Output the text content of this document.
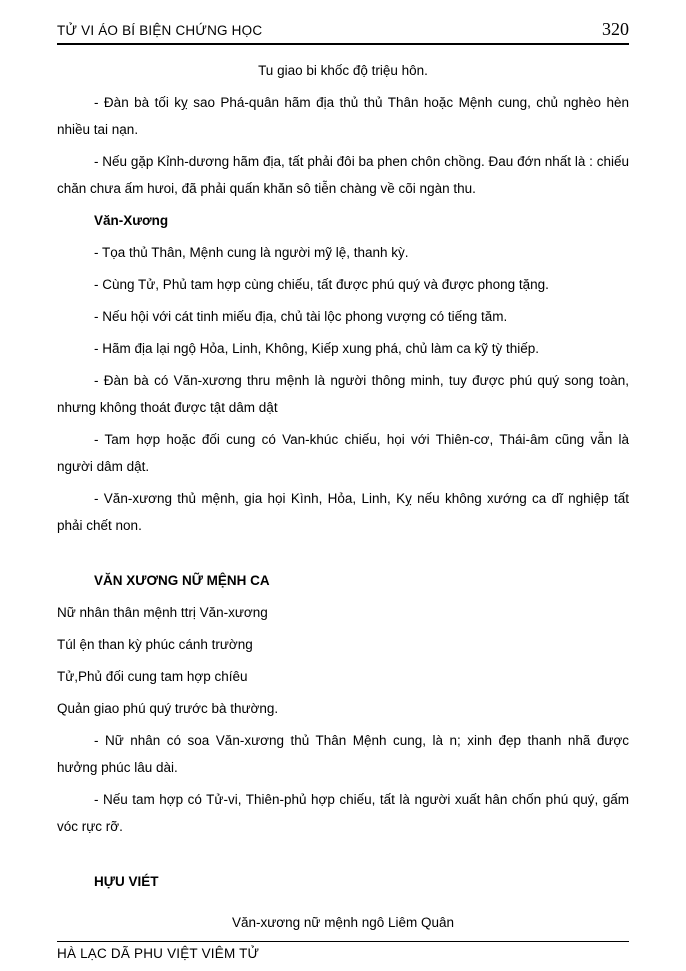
TỬ VI ÁO BÍ BIỆN CHỨNG HỌC	320

Tu giao bi khốc độ triệu hôn.

- Đàn bà tối kỵ sao Phá-quân hãm địa thủ thủ Thân hoặc Mệnh cung, chủ nghèo hèn nhiều tai nạn.

- Nếu gặp Kỉnh-dương hãm địa, tất phải đôi ba phen chôn chồng. Đau đớn nhất là : chiếu chăn chưa ấm hưoi, đã phải quấn khăn sô tiễn chàng về cõi ngàn thu.

Văn-Xương

- Tọa thủ Thân, Mệnh cung là người mỹ lệ, thanh kỳ.

- Cùng Tử, Phủ tam hợp cùng chiếu, tất được phú quý và được phong tặng.

- Nếu hội với cát tinh miếu địa, chủ tài lộc phong vượng có tiếng tăm.

- Hãm địa lại ngộ Hỏa, Linh, Không, Kiếp xung phá, chủ làm ca kỹ tỳ thiếp.

- Đàn bà có Văn-xương thru mệnh là người thông minh, tuy được phú quý song toàn, nhưng không thoát được tật dâm dật

- Tam hợp hoặc đối cung có Van-khúc chiếu, họi với Thiên-cơ, Thái-âm cũng vẫn là người dâm dật.

- Văn-xương thủ mệnh, gia họi Kình, Hỏa, Linh, Kỵ nếu không xướng ca dĩ nghiệp tất phải chết non.

VĂN XƯƠNG NỮ MỆNH CA

Nữ nhân thân mệnh ttrị Văn-xương

Túl ện than kỳ phúc cánh trường

Tử,Phủ đối cung tam hợp chíêu

Quản giao phú quý trước bà thường.

- Nữ nhân có soa Văn-xương thủ Thân Mệnh cung, là n; xinh đẹp thanh nhã được hưởng phúc lâu dài.

- Nếu tam hợp có Tử-vi, Thiên-phủ hợp chiếu, tất là người xuất hân chốn phú quý, gấm vóc rực rỡ.

HỰU VIÉT

Văn-xương nữ mệnh ngô Liêm Quân

HÀ LẠC DÃ PHU VIỆT VIÊM TỬ
